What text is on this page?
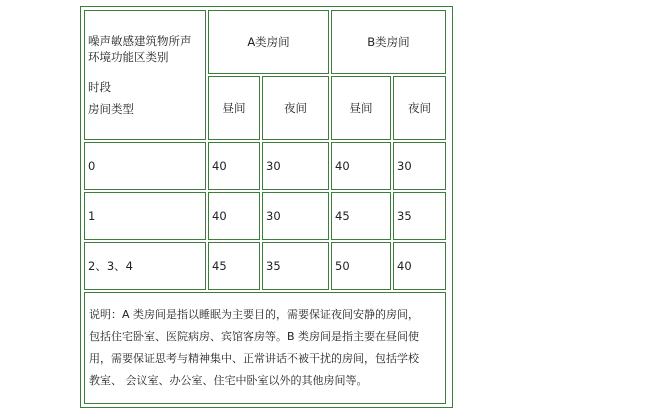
噪声敏感建筑物所声
环境功能区类别
时段
房间类型	A类房间		B类房间	
	昼间	夜间	昼间	夜间
0	40	30	40	30
1	40	30	45	35
2、3、4	45	35	50	40

说明：A 类房间是指以睡眠为主要目的，需要保证夜间安静的房间，
包括住宅卧室、医院病房、宾馆客房等。B 类房间是指主要在昼间使
用，需要保证思考与精神集中、正常讲话不被干扰的房间，包括学校
教室、 会议室、办公室、住宅中卧室以外的其他房间等。				
